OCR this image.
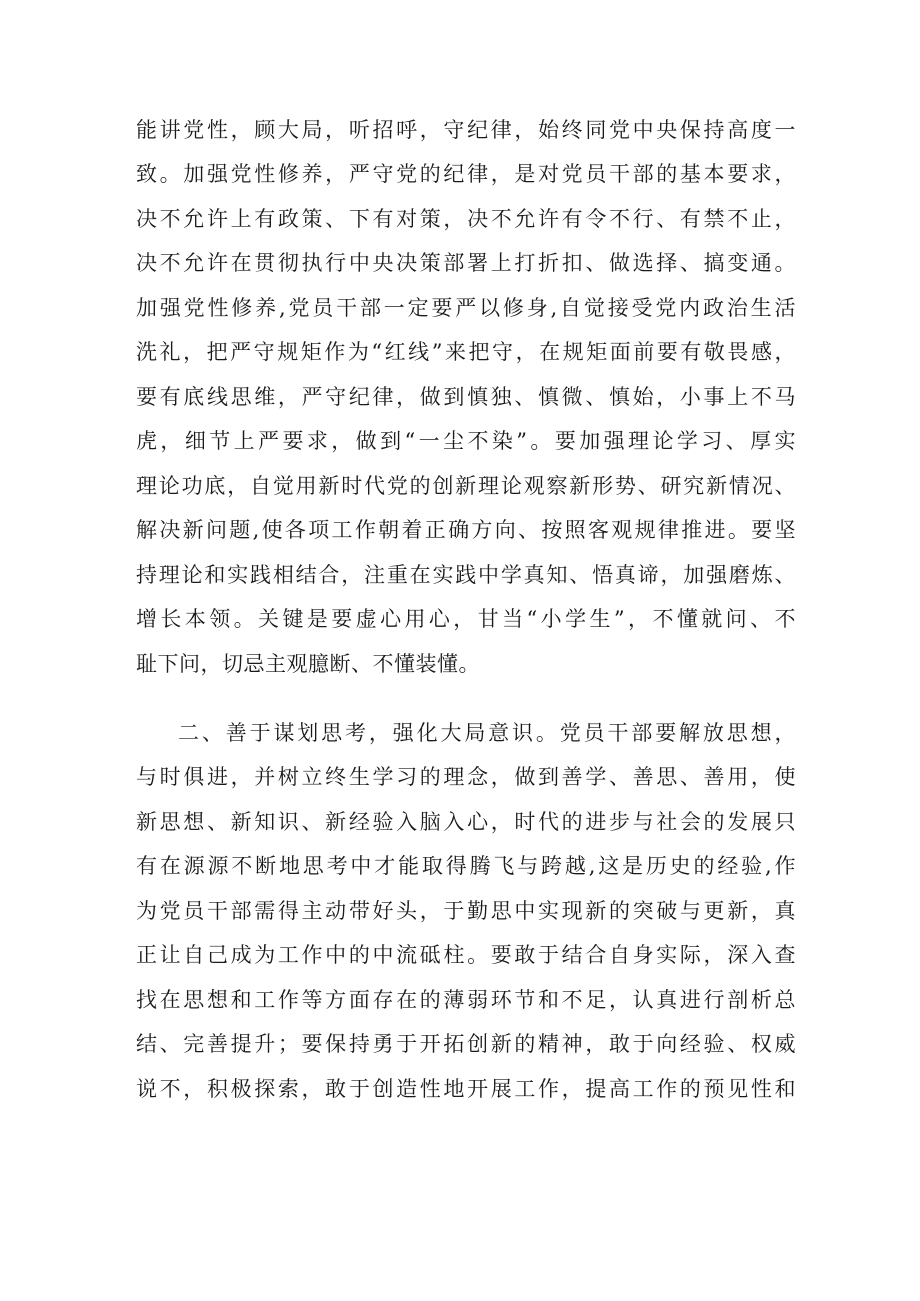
能讲党性，顾大局，听招呼，守纪律，始终同党中央保持高度一
致。加强党性修养，严守党的纪律，是对党员干部的基本要求，
决不允许上有政策、下有对策，决不允许有令不行、有禁不止，
决不允许在贯彻执行中央决策部署上打折扣、做选择、搞变通。
加强党性修养,党员干部一定要严以修身,自觉接受党内政治生活
洗礼，把严守规矩作为“红线”来把守，在规矩面前要有敬畏感，
要有底线思维，严守纪律，做到慎独、慎微、慎始，小事上不马
虎，细节上严要求，做到“一尘不染”。要加强理论学习、厚实
理论功底，自觉用新时代党的创新理论观察新形势、研究新情况、
解决新问题,使各项工作朝着正确方向、按照客观规律推进。要坚
持理论和实践相结合，注重在实践中学真知、悟真谛，加强磨炼、
增长本领。关键是要虚心用心，甘当“小学生”，不懂就问、不
耻下问，切忌主观臆断、不懂装懂。
二、善于谋划思考，强化大局意识。党员干部要解放思想，
与时俱进，并树立终生学习的理念，做到善学、善思、善用，使
新思想、新知识、新经验入脑入心，时代的进步与社会的发展只
有在源源不断地思考中才能取得腾飞与跨越,这是历史的经验,作
为党员干部需得主动带好头，于勤思中实现新的突破与更新，真
正让自己成为工作中的中流砥柱。要敢于结合自身实际，深入查
找在思想和工作等方面存在的薄弱环节和不足，认真进行剖析总
结、完善提升；要保持勇于开拓创新的精神，敢于向经验、权威
说不，积极探索，敢于创造性地开展工作，提高工作的预见性和
